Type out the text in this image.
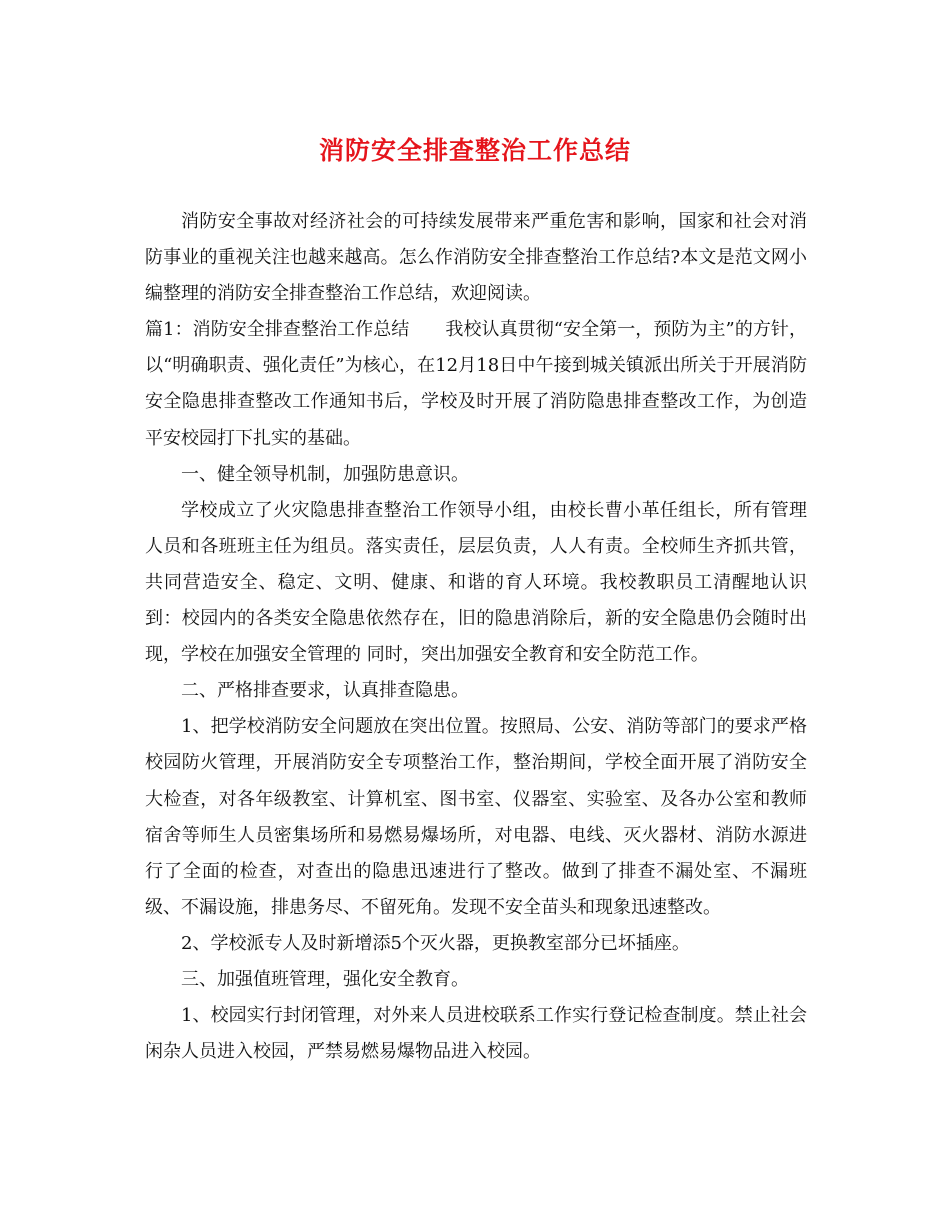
消防安全排查整治工作总结

消防安全事故对经济社会的可持续发展带来严重危害和影响，国家和社会对消防事业的重视关注也越来越高。怎么作消防安全排查整治工作总结?本文是范文网小编整理的消防安全排查整治工作总结，欢迎阅读。

篇1：消防安全排查整治工作总结 我校认真贯彻“安全第一，预防为主”的方针，以“明确职责、强化责任”为核心，在12月18日中午接到城关镇派出所关于开展消防安全隐患排查整改工作通知书后，学校及时开展了消防隐患排查整改工作，为创造平安校园打下扎实的基础。

一、健全领导机制，加强防患意识。

学校成立了火灾隐患排查整治工作领导小组，由校长曹小革任组长，所有管理人员和各班班主任为组员。落实责任，层层负责，人人有责。全校师生齐抓共管，共同营造安全、稳定、文明、健康、和谐的育人环境。我校教职员工清醒地认识到：校园内的各类安全隐患依然存在，旧的隐患消除后，新的安全隐患仍会随时出现，学校在加强安全管理的 同时，突出加强安全教育和安全防范工作。

二、严格排查要求，认真排查隐患。

1、把学校消防安全问题放在突出位置。按照局、公安、消防等部门的要求严格校园防火管理，开展消防安全专项整治工作，整治期间，学校全面开展了消防安全大检查，对各年级教室、计算机室、图书室、仪器室、实验室、及各办公室和教师宿舍等师生人员密集场所和易燃易爆场所，对电器、电线、灭火器材、消防水源进行了全面的检查，对查出的隐患迅速进行了整改。做到了排查不漏处室、不漏班级、不漏设施，排患务尽、不留死角。发现不安全苗头和现象迅速整改。

2、学校派专人及时新增添5个灭火器，更换教室部分已坏插座。

三、加强值班管理，强化安全教育。

1、校园实行封闭管理，对外来人员进校联系工作实行登记检查制度。禁止社会闲杂人员进入校园，严禁易燃易爆物品进入校园。
